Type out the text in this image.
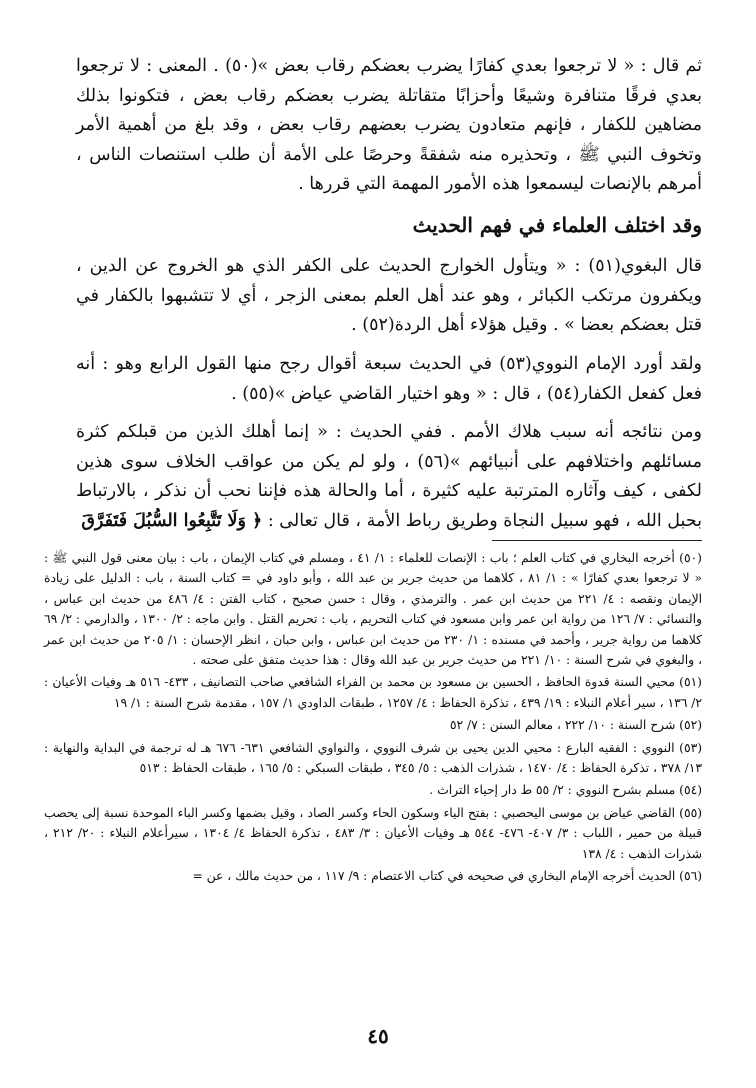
ثم قال : « لا ترجعوا بعدي كفارًا يضرب بعضكم رقاب بعض »(٥٠) . المعنى : لا ترجعوا بعدي فرقًا متنافرة وشيعًا وأحزابًا متقاتلة يضرب بعضكم رقاب بعض ، فتكونوا بذلك مضاهين للكفار ، فإنهم متعادون يضرب بعضهم رقاب بعض ، وقد بلغ من أهمية الأمر وتخوف النبي ﷺ ، وتحذيره منه شفقةً وحرصًا على الأمة أن طلب استنصات الناس ، أمرهم بالإنصات ليسمعوا هذه الأمور المهمة التي قررها .

وقد اختلف العلماء في فهم الحديث

قال البغوي(٥١) : « ويتأول الخوارج الحديث على الكفر الذي هو الخروج عن الدين ، ويكفرون مرتكب الكبائر ، وهو عند أهل العلم بمعنى الزجر ، أي لا تتشبهوا بالكفار في قتل بعضكم بعضا » . وقيل هؤلاء أهل الردة(٥٢) .

ولقد أورد الإمام النووي(٥٣) في الحديث سبعة أقوال رجح منها القول الرابع وهو : أنه فعل كفعل الكفار(٥٤) ، قال : « وهو اختيار القاضي عياض »(٥٥) .

ومن نتائجه أنه سبب هلاك الأمم . ففي الحديث : « إنما أهلك الذين من قبلكم كثرة مسائلهم واختلافهم على أنبيائهم »(٥٦) ، ولو لم يكن من عواقب الخلاف سوى هذين لكفى ، كيف وآثاره المترتبة عليه كثيرة ، أما والحالة هذه فإننا نحب أن نذكر ، بالارتباط بحبل الله ، فهو سبيل النجاة وطريق رباط الأمة ، قال تعالى : ﴿ وَلَا تَتَّبِعُوا السُّبُلَ فَتَفَرَّقَ

(٥٠) أخرجه البخاري في كتاب العلم ؛ باب : الإنصات للعلماء : ١/ ٤١ ، ومسلم في كتاب الإيمان ، باب : بيان معنى قول النبي ﷺ : « لا ترجعوا بعدي كفارًا » : ١/ ٨١ ، كلاهما من حديث جرير بن عبد الله ، وأبو داود في = كتاب السنة ، باب : الدليل على زيادة الإيمان ونقصه : ٤/ ٢٢١ من حديث ابن عمر . والترمذي ، وقال : حسن صحيح ، كتاب الفتن : ٤/ ٤٨٦ من حديث ابن عباس ، والنسائي : ٧/ ١٢٦ من رواية ابن عمر وابن مسعود في كتاب التحريم ، باب : تحريم القتل . وابن ماجه : ٢/ ١٣٠٠ ، والدارمي : ٢/ ٦٩ كلاهما من رواية جرير ، وأحمد في مسنده : ١/ ٢٣٠ من حديث ابن عباس ، وابن حبان ، انظر الإحسان : ١/ ٢٠٥ من حديث ابن عمر ، والبغوي في شرح السنة : ١٠/ ٢٢١ من حديث جرير بن عبد الله وقال : هذا حديث متفق على صحته .

(٥١) محيي السنة قدوة الحافظ ، الحسين بن مسعود بن محمد بن الفراء الشافعي صاحب التصانيف ، ٤٣٣- ٥١٦ هـ وفيات الأعيان : ٢/ ١٣٦ ، سير أعلام النبلاء : ١٩/ ٤٣٩ ، تذكرة الحفاظ : ٤/ ١٢٥٧ ، طبقات الداودي ١/ ١٥٧ ، مقدمة شرح السنة : ١/ ١٩

(٥٢) شرح السنة : ١٠/ ٢٢٢ ، معالم السنن : ٧/ ٥٢

(٥٣) النووي : الفقيه البارع : محيي الدين يحيى بن شرف النووي ، والنواوي الشافعي ٦٣١- ٦٧٦ هـ له ترجمة في البداية والنهاية : ١٣/ ٣٧٨ ، تذكرة الحفاظ : ٤/ ١٤٧٠ ، شذرات الذهب : ٥/ ٣٤٥ ، طبقات السبكي : ٥/ ١٦٥ ، طبقات الحفاظ : ٥١٣

(٥٤) مسلم بشرح النووي : ٢/ ٥٥ ط دار إحياء التراث .

(٥٥) القاضي عياض بن موسى اليحصبي : بفتح الياء وسكون الحاء وكسر الصاد ، وقيل بضمها وكسر الباء الموحدة نسبة إلى يحصب قبيلة من حمير ، اللباب : ٣/ ٤٠٧- ٤٧٦- ٥٤٤ هـ وفيات الأعيان : ٣/ ٤٨٣ ، تذكرة الحفاظ ٤/ ١٣٠٤ ، سيرأعلام النبلاء : ٢٠/ ٢١٢ ، شذرات الذهب : ٤/ ١٣٨

(٥٦) الحديث أخرجه الإمام البخاري في صحيحه في كتاب الاعتصام : ٩/ ١١٧ ، من حديث مالك ، عن =

٤٥
